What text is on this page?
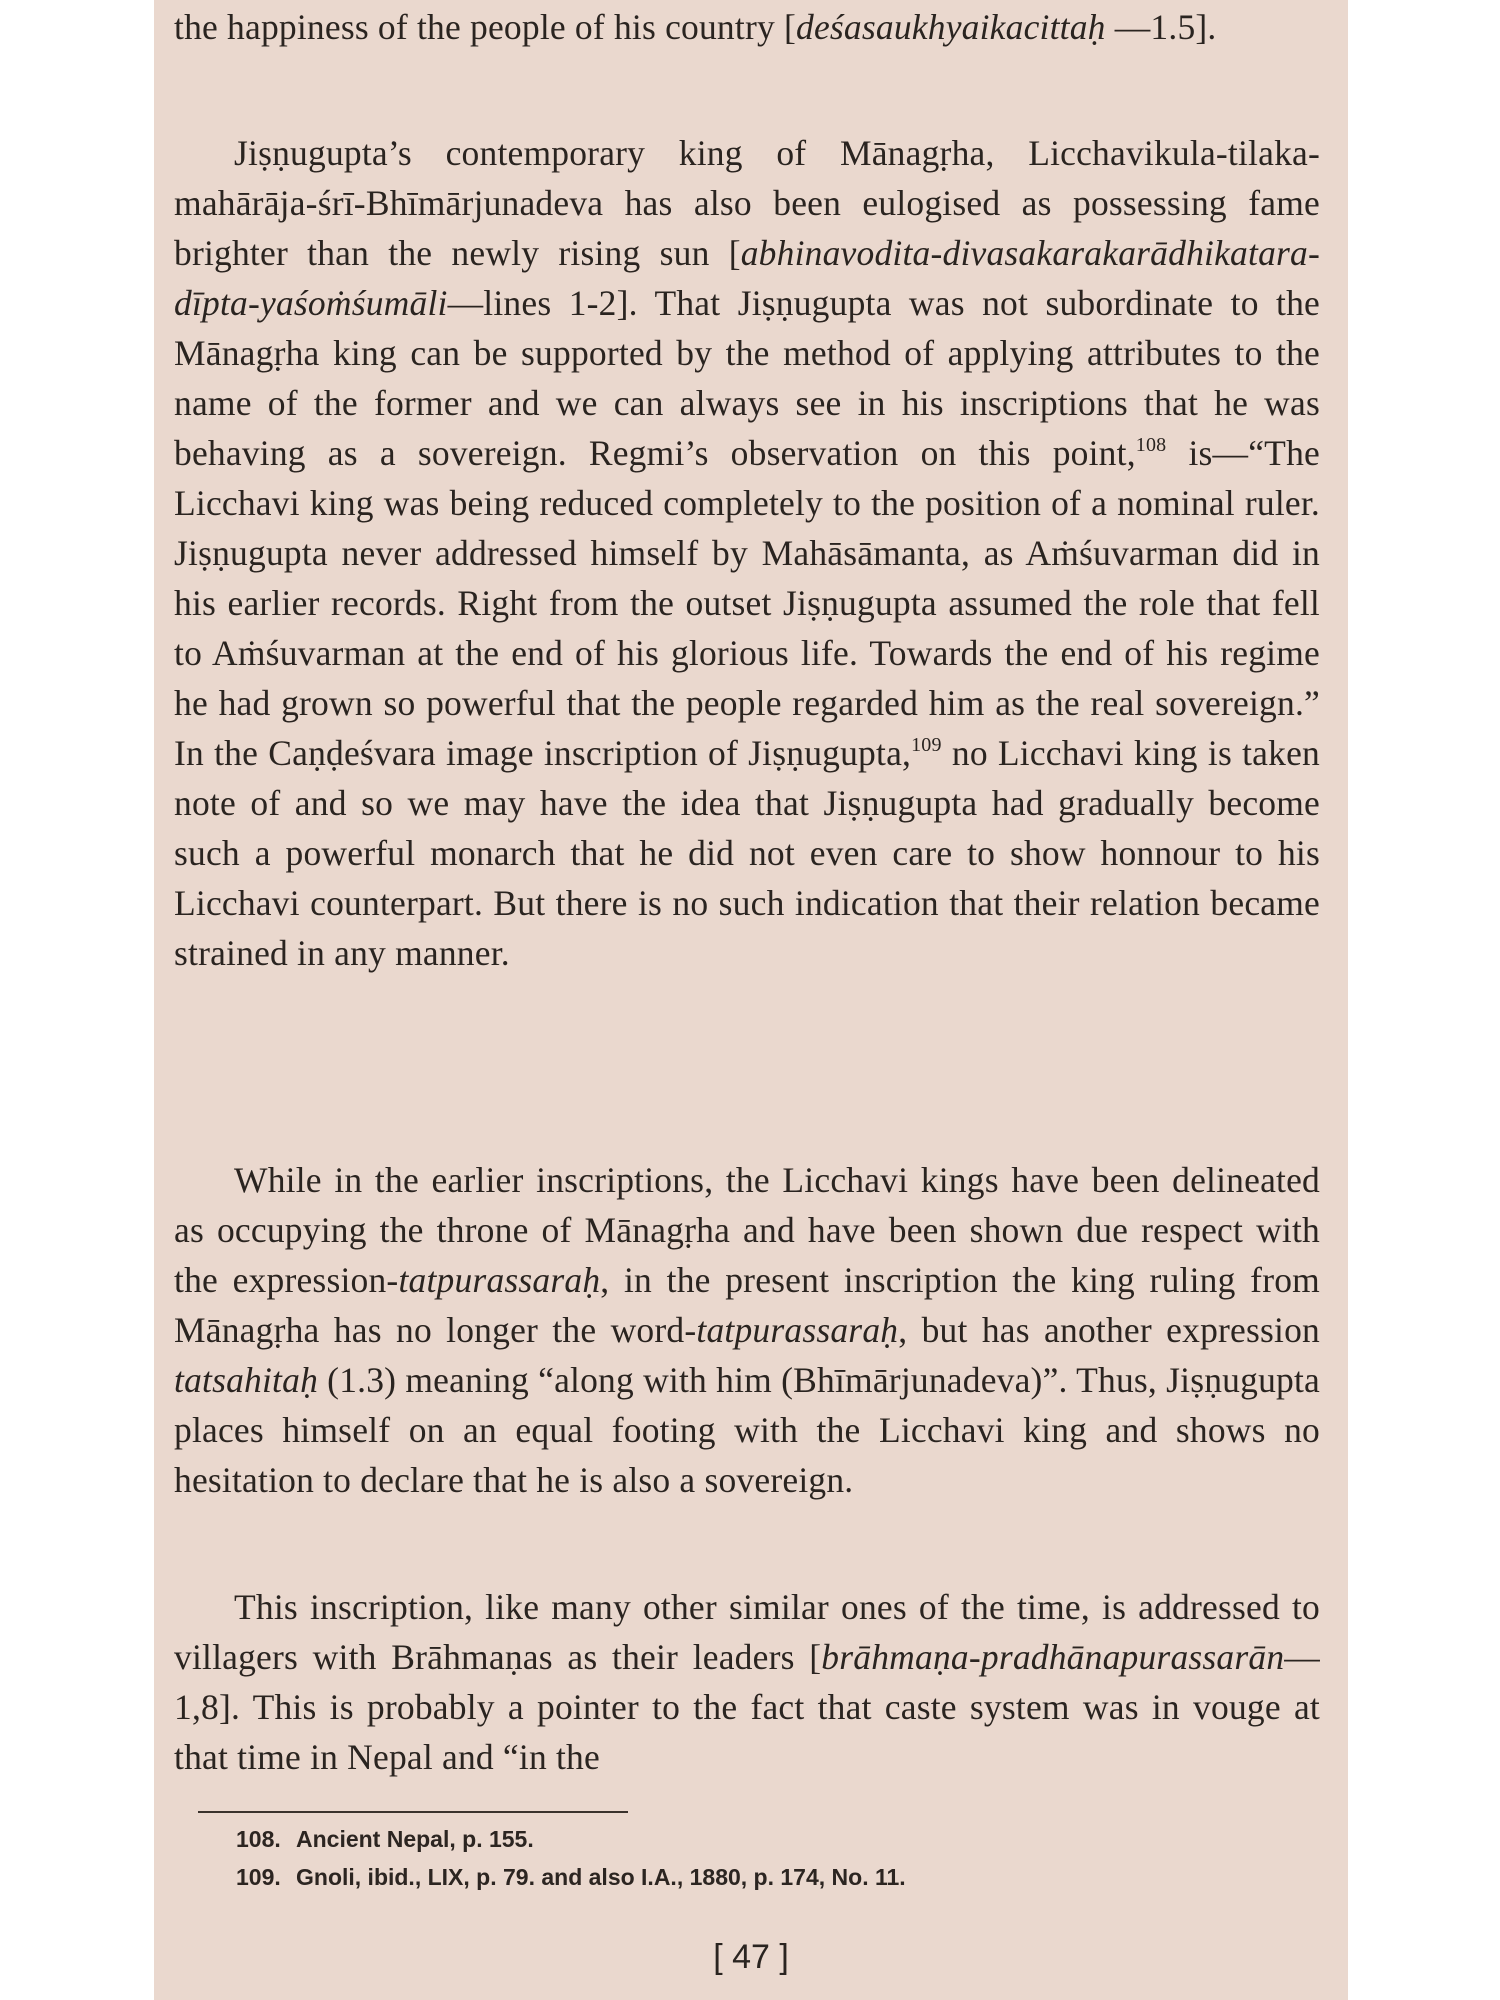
the happiness of the people of his country [deśasaukhyaikacittaḥ —1.5].

Jiṣṇugupta’s contemporary king of Mānagṛha, Licchavikula-tilaka-mahārāja-śrī-Bhīmārjunadeva has also been eulogised as possessing fame brighter than the newly rising sun [abhinavodita-divasakarakarādhikatara-dīpta-yaśoṁśumāli—lines 1-2]. That Jiṣṇugupta was not subordinate to the Mānagṛha king can be supported by the method of applying attributes to the name of the former and we can always see in his inscriptions that he was behaving as a sovereign. Regmi’s observation on this point,$^{108}$ is—“The Licchavi king was being reduced completely to the position of a nominal ruler. Jiṣṇugupta never addressed himself by Mahāsāmanta, as Aṁśuvarman did in his earlier records. Right from the outset Jiṣṇugupta assumed the role that fell to Aṁśuvarman at the end of his glorious life. Towards the end of his regime he had grown so powerful that the people regarded him as the real sovereign.” In the Caṇḍeśvara image inscription of Jiṣṇugupta,$^{109}$ no Licchavi king is taken note of and so we may have the idea that Jiṣṇugupta had gradually become such a powerful monarch that he did not even care to show honnour to his Licchavi counterpart. But there is no such indication that their relation became strained in any manner.

While in the earlier inscriptions, the Licchavi kings have been delineated as occupying the throne of Mānagṛha and have been shown due respect with the expression-tatpurassaraḥ, in the present inscription the king ruling from Mānagṛha has no longer the word-tatpurassaraḥ, but has another expression tatsahitaḥ (1.3) meaning “along with him (Bhīmārjunadeva)”. Thus, Jiṣṇugupta places himself on an equal footing with the Licchavi king and shows no hesitation to declare that he is also a sovereign.

This inscription, like many other similar ones of the time, is addressed to villagers with Brāhmaṇas as their leaders [brāhmaṇa-pradhānapurassarān—1,8]. This is probably a pointer to the fact that caste system was in vouge at that time in Nepal and “in the

108. Ancient Nepal, p. 155.
109. Gnoli, ibid., LIX, p. 79. and also I.A., 1880, p. 174, No. 11.
[ 47 ]
